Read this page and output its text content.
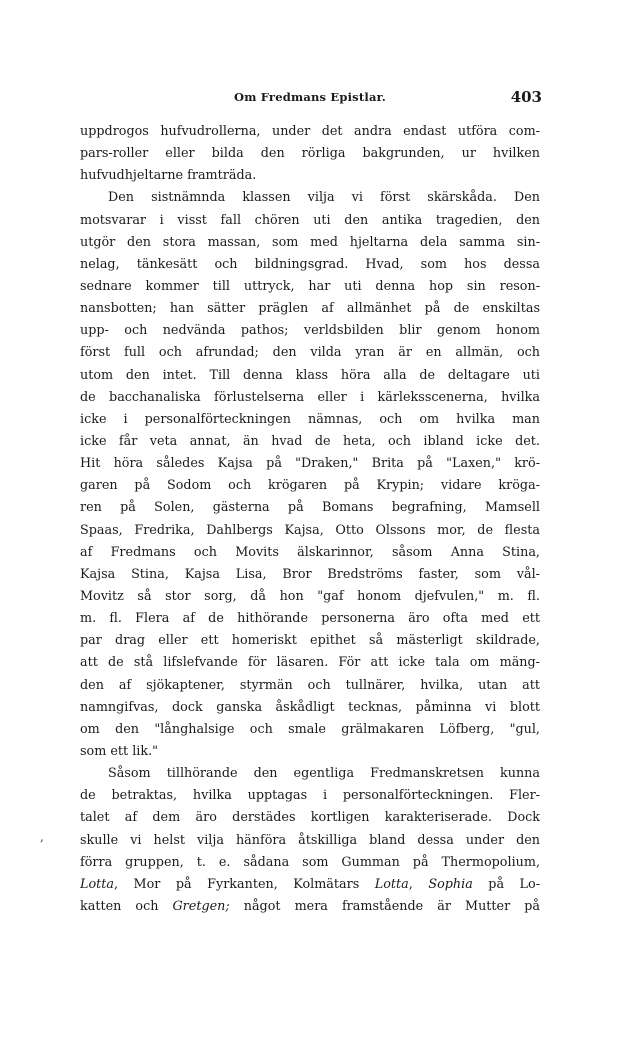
Om Fredmans Epistlar.	403
,
uppdrogos hufvudrollerna, under det andra endast utföra com-
pars-roller eller bilda den rörliga bakgrunden, ur hvilken
hufvudhjeltarne framträda.
Den sistnämnda klassen vilja vi först skärskåda. Den
motsvarar i visst fall chören uti den antika tragedien, den
utgör den stora massan, som med hjeltarna dela samma sin-
nelag, tänkesätt och bildningsgrad. Hvad, som hos dessa
sednare kommer till uttryck, har uti denna hop sin reson-
nansbotten; han sätter präglen af allmänhet på de enskiltas
upp- och nedvända pathos; verldsbilden blir genom honom
först full och afrundad; den vilda yran är en allmän, och
utom den intet. Till denna klass höra alla de deltagare uti
de bacchanaliska förlustelserna eller i kärleksscenerna, hvilka
icke i personalförteckningen nämnas, och om hvilka man
icke får veta annat, än hvad de heta, och ibland icke det.
Hit höra således Kajsa på "Draken," Brita på "Laxen," krö-
garen på Sodom och krögaren på Krypin; vidare kröga-
ren på Solen, gästerna på Bomans begrafning, Mamsell
Spaas, Fredrika, Dahlbergs Kajsa, Otto Olssons mor, de flesta
af Fredmans och Movits älskarinnor, såsom Anna Stina,
Kajsa Stina, Kajsa Lisa, Bror Bredströms faster, som vål-
Movitz så stor sorg, då hon "gaf honom djefvulen," m. fl.
m. fl. Flera af de hithörande personerna äro ofta med ett
par drag eller ett homeriskt epithet så mästerligt skildrade,
att de stå lifslefvande för läsaren. För att icke tala om mäng-
den af sjökaptener, styrmän och tullnärer, hvilka, utan att
namngifvas, dock ganska åskådligt tecknas, påminna vi blott
om den "långhalsige och smale grälmakaren Löfberg, "gul,
som ett lik."
Såsom tillhörande den egentliga Fredmanskretsen kunna
de betraktas, hvilka upptagas i personalförteckningen. Fler-
talet af dem äro derstädes kortligen karakteriserade. Dock
skulle vi helst vilja hänföra åtskilliga bland dessa under den
förra gruppen, t. e. sådana som Gumman på Thermopolium,
Lotta, Mor på Fyrkanten, Kolmätars Lotta, Sophia på Lo-
katten och Gretgen; något mera framstående är Mutter på
